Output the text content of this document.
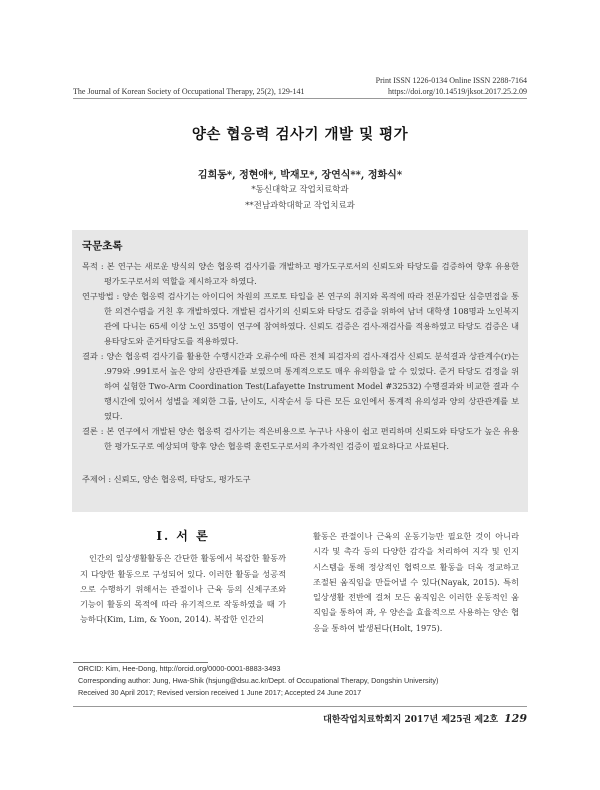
Print ISSN 1226-0134 Online ISSN 2288-7164
https://doi.org/10.14519/jksot.2017.25.2.09
The Journal of Korean Society of Occupational Therapy, 25(2), 129-141
양손 협응력 검사기 개발 및 평가
김희동*, 정현애*, 박재모*, 장연식**, 정화식*
*동신대학교 작업치료학과
**전남과학대학교 작업치료과
국문초록

목적 : 본 연구는 새로운 방식의 양손 협응력 검사기를 개발하고 평가도구로서의 신뢰도와 타당도를 검증하여 향후 유용한 평가도구로서의 역할을 제시하고자 하였다.

연구방법 : 양손 협응력 검사기는 아이디어 차원의 프로토 타입을 본 연구의 취지와 목적에 따라 전문가집단 심층면접을 통한 의견수렴을 거친 후 개발하였다. 개발된 검사기의 신뢰도와 타당도 검증을 위하여 남녀 대학생 108명과 노인복지관에 다니는 65세 이상 노인 35명이 연구에 참여하였다. 신뢰도 검증은 검사-재검사를 적용하였고 타당도 검증은 내용타당도와 준거타당도를 적용하였다.

결과 : 양손 협응력 검사기를 활용한 수행시간과 오류수에 따른 전체 피검자의 검사-재검사 신뢰도 분석결과 상관계수(r)는 .979와 .991로서 높은 양의 상관관계를 보였으며 통계적으로도 매우 유의함을 알 수 있었다. 준거 타당도 검정을 위하여 실험한 Two-Arm Coordination Test(Lafayette Instrument Model #32532) 수행결과와 비교한 결과 수행시간에 있어서 성별을 제외한 그룹, 난이도, 시작순서 등 다른 모든 요인에서 통계적 유의성과 양의 상관관계를 보였다.

결론 : 본 연구에서 개발된 양손 협응력 검사기는 적은비용으로 누구나 사용이 쉽고 편리하며 신뢰도와 타당도가 높은 유용한 평가도구로 예상되며 향후 양손 협응력 훈련도구로서의 추가적인 검증이 필요하다고 사료된다.

주제어 : 신뢰도, 양손 협응력, 타당도, 평가도구

Ⅰ. 서 론

인간의 일상생활활동은 간단한 활동에서 복잡한 활동까지 다양한 활동으로 구성되어 있다. 이러한 활동을 성공적으로 수행하기 위해서는 관절이나 근육 등의 신체구조와 기능이 활동의 목적에 따라 유기적으로 작동하였을 때 가능하다(Kim, Lim, & Yoon, 2014). 복잡한 인간의

활동은 관절이나 근육의 운동기능만 필요한 것이 아니라 시각 및 촉각 등의 다양한 감각을 처리하여 지각 및 인지 시스템을 통해 정상적인 협력으로 활동을 더욱 정교하고 조절된 움직임을 만들어낼 수 있다(Nayak, 2015). 특히 일상생활 전반에 걸쳐 모든 움직임은 이러한 운동적인 움직임을 통하여 좌, 우 양손을 효율적으로 사용하는 양손 협응을 통하여 발생된다(Holt, 1975).

ORCID: Kim, Hee-Dong, http://orcid.org/0000-0001-8883-3493
Corresponding author: Jung, Hwa-Shik (hsjung@dsu.ac.kr/Dept. of Occupational Therapy, Dongshin University)
Received 30 April 2017; Revised version received 1 June 2017; Accepted 24 June 2017
대한작업치료학회지 2017년 제25권 제2호 129
